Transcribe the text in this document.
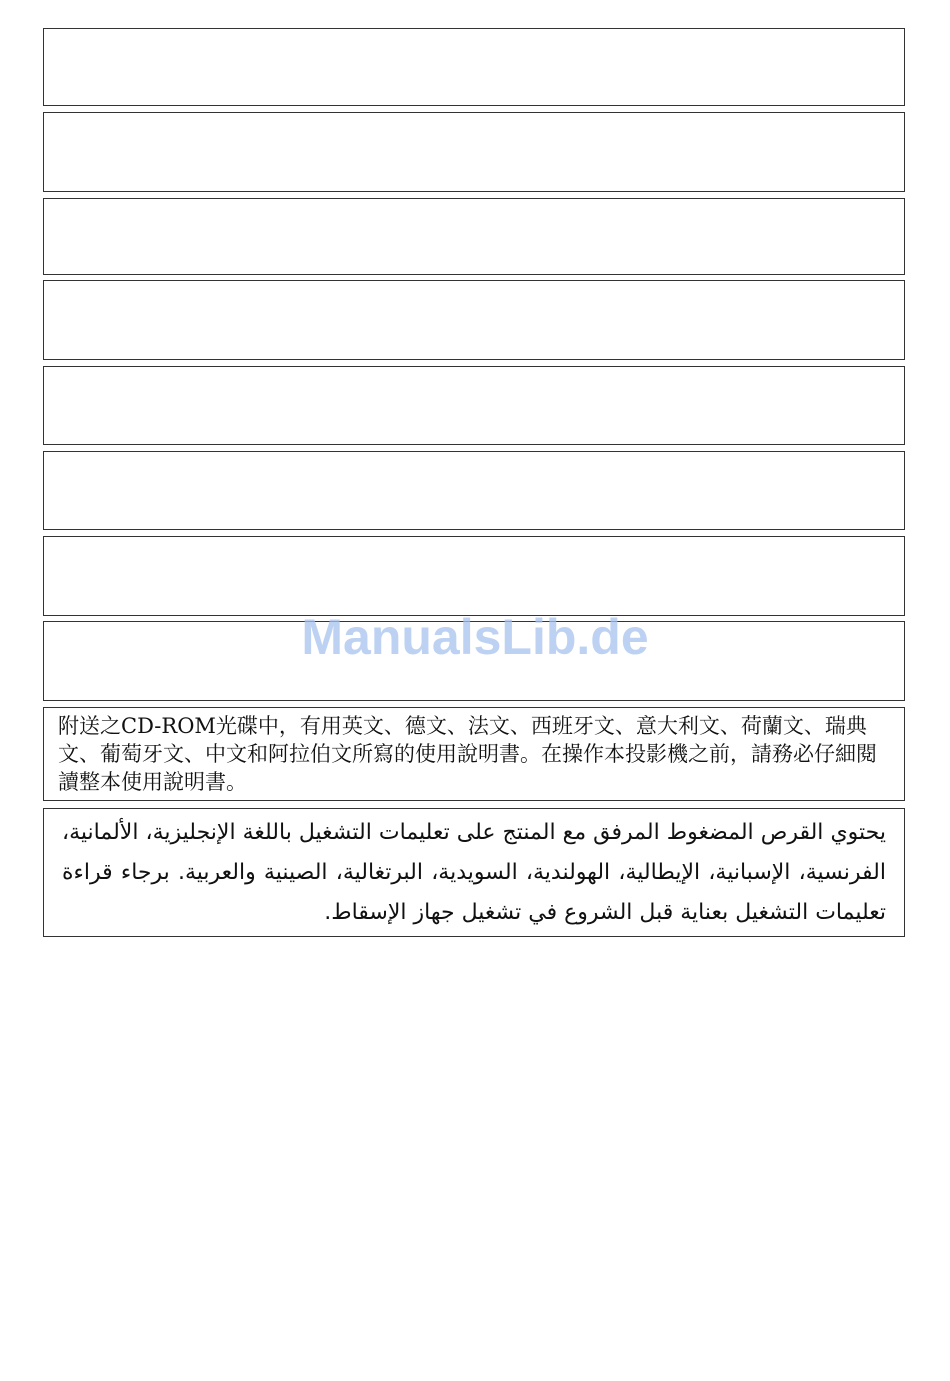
附送之CD-ROM光碟中，有用英文、德文、法文、西班牙文、意大利文、荷蘭文、瑞典文、葡萄牙文、中文和阿拉伯文所寫的使用說明書。在操作本投影機之前，請務必仔細閱讀整本使用說明書。
يحتوي القرص المضغوط المرفق مع المنتج على تعليمات التشغيل باللغة الإنجليزية، الألمانية، الفرنسية، الإسبانية، الإيطالية، الهولندية، السويدية، البرتغالية، الصينية والعربية. برجاء قراءة تعليمات التشغيل بعناية قبل الشروع في تشغيل جهاز الإسقاط.
ManualsLib.de
